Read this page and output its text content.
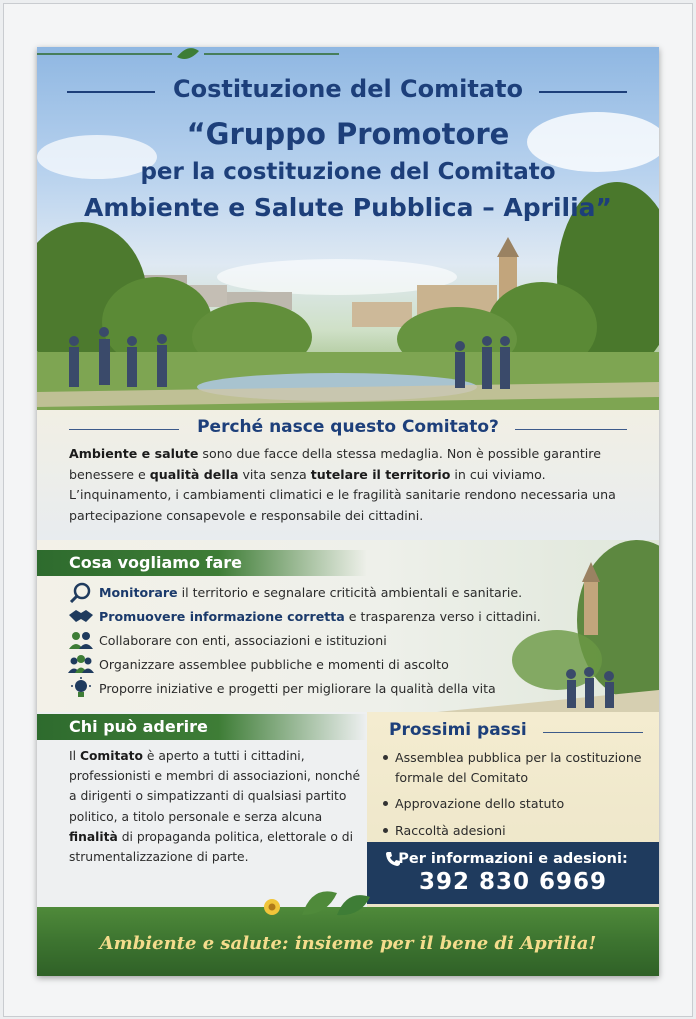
Costituzione del Comitato
“Gruppo Promotore
per la costituzione del Comitato
Ambiente e Salute Pubblica – Aprilia”
Perché nasce questo Comitato?
Ambiente e salute sono due facce della stessa medaglia. Non è possible garantire benessere e qualità della vita senza tutelare il territorio in cui viviamo. L’inquinamento, i cambiamenti climatici e le fragilità sanitarie rendono necessaria una partecipazione consapevole e responsabile dei cittadini.
Cosa vogliamo fare
Monitorare il territorio e segnalare criticità ambientali e sanitarie.
Promuovere informazione corretta e trasparenza verso i cittadini.
Collaborare con enti, associazioni e istituzioni
Organizzare assemblee pubbliche e momenti di ascolto
Proporre iniziative e progetti per migliorare la qualità della vita
Chi può aderire
Il Comitato è aperto a tutti i cittadini, professionisti e membri di associazioni, nonché a dirigenti o simpatizzanti di qualsiasi partito politico, a titolo personale e serza alcuna finalità di propaganda politica, elettorale o di strumentalizzazione di parte.
Prossimi passi
Assemblea pubblica per la costituzione formale del Comitato
Approvazione dello statuto
Raccoltà adesioni
Per informazioni e adesioni:
392 830 6969
Ambiente e salute: insieme per il bene di Aprilia!
